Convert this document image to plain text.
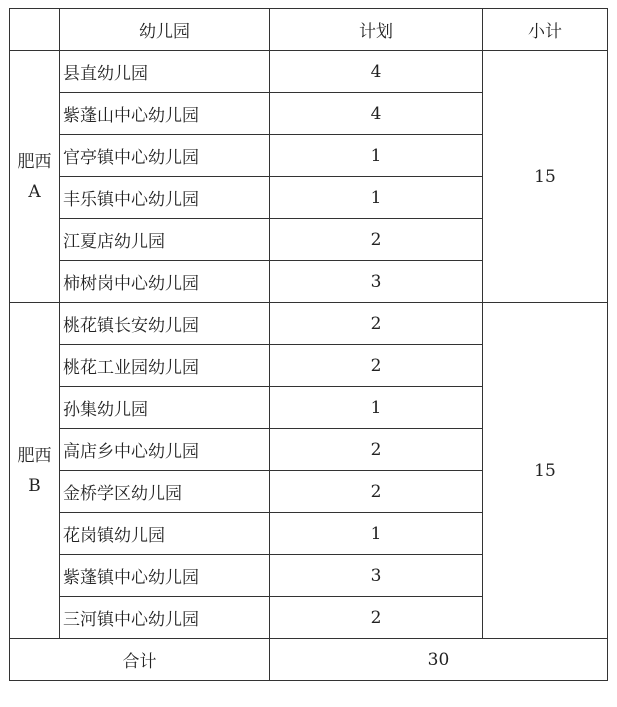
	幼儿园	计划	小计

肥西
A	县直幼儿园	4	15
	紫蓬山中心幼儿园	4	
	官亭镇中心幼儿园	1	
	丰乐镇中心幼儿园	1	
	江夏店幼儿园	2	
	柿树岗中心幼儿园	3	

肥西
B	桃花镇长安幼儿园	2	15
	桃花工业园幼儿园	2	
	孙集幼儿园	1	
	高店乡中心幼儿园	2	
	金桥学区幼儿园	2	
	花岗镇幼儿园	1	
	紫蓬镇中心幼儿园	3	
	三河镇中心幼儿园	2	
合计		30	
